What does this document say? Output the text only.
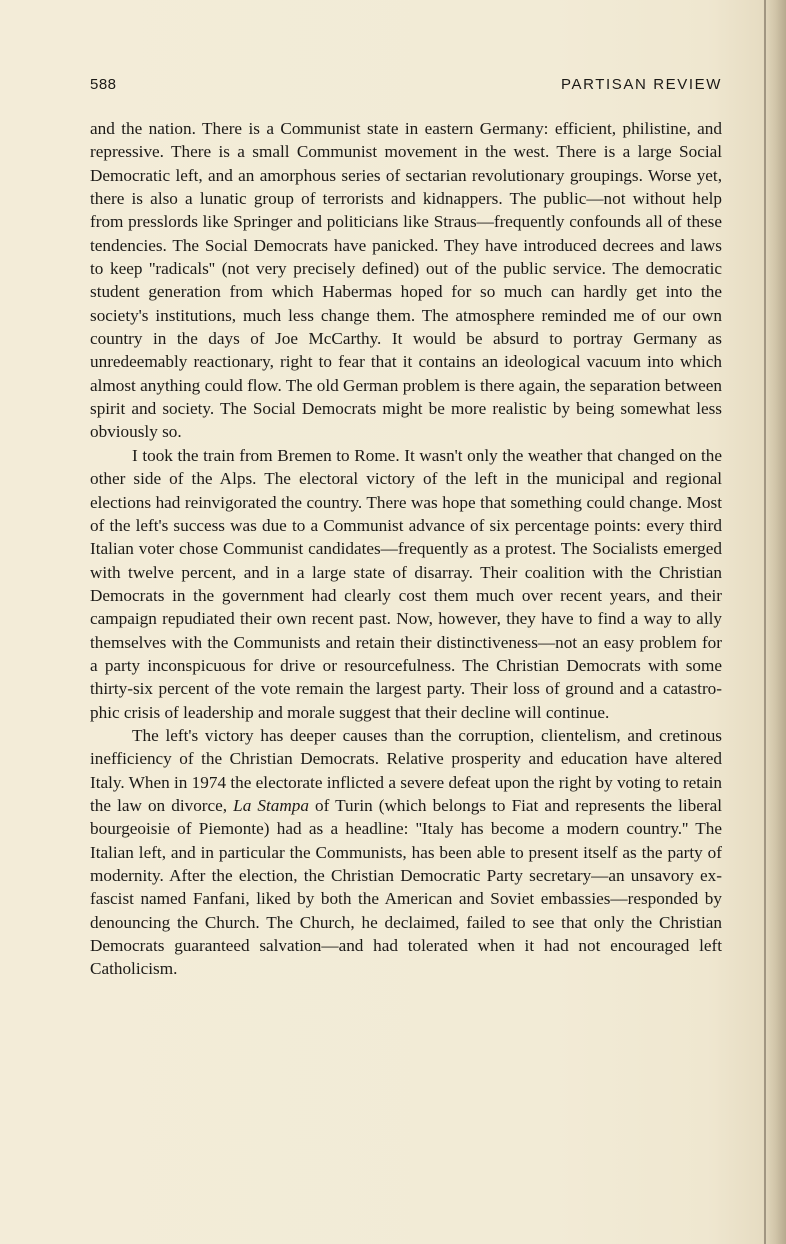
588	PARTISAN REVIEW

and the nation. There is a Communist state in eastern Germany: efficient, philistine, and repressive. There is a small Communist movement in the west. There is a large Social Democratic left, and an amorphous series of sectarian revolutionary groupings. Worse yet, there is also a lunatic group of terrorists and kidnappers. The public—not without help from presslords like Springer and politicians like Straus—frequently confounds all of these tendencies. The Social Democrats have panicked. They have introduced decrees and laws to keep ''radicals'' (not very precisely defined) out of the public service. The democratic student generation from which Habermas hoped for so much can hardly get into the society's institutions, much less change them. The atmosphere reminded me of our own country in the days of Joe McCarthy. It would be absurd to portray Germany as unredeemably reactionary, right to fear that it contains an ideological vacuum into which almost anything could flow. The old German problem is there again, the separation between spirit and society. The Social Democrats might be more realistic by being somewhat less obviously so.

I took the train from Bremen to Rome. It wasn't only the weather that changed on the other side of the Alps. The electoral victory of the left in the municipal and regional elections had reinvigorated the country. There was hope that something could change. Most of the left's success was due to a Communist advance of six percentage points: every third Italian voter chose Communist candidates—frequently as a protest. The Socialists emerged with twelve percent, and in a large state of disarray. Their coalition with the Christian Democrats in the government had clearly cost them much over recent years, and their campaign repudiated their own recent past. Now, however, they have to find a way to ally themselves with the Communists and retain their distinctiveness—not an easy problem for a party inconspicuous for drive or resourcefulness. The Christian Democrats with some thirty-six percent of the vote remain the largest party. Their loss of ground and a catastrophic crisis of leadership and morale suggest that their decline will continue.

The left's victory has deeper causes than the corruption, clientelism, and cretinous inefficiency of the Christian Democrats. Relative prosperity and education have altered Italy. When in 1974 the electorate inflicted a severe defeat upon the right by voting to retain the law on divorce, La Stampa of Turin (which belongs to Fiat and represents the liberal bourgeoisie of Piemonte) had as a headline: ''Italy has become a modern country.'' The Italian left, and in particular the Communists, has been able to present itself as the party of modernity. After the election, the Christian Democratic Party secretary—an unsavory ex-fascist named Fanfani, liked by both the American and Soviet embassies—responded by denouncing the Church. The Church, he declaimed, failed to see that only the Christian Democrats guaranteed salvation—and had tolerated when it had not encouraged left Catholicism.
